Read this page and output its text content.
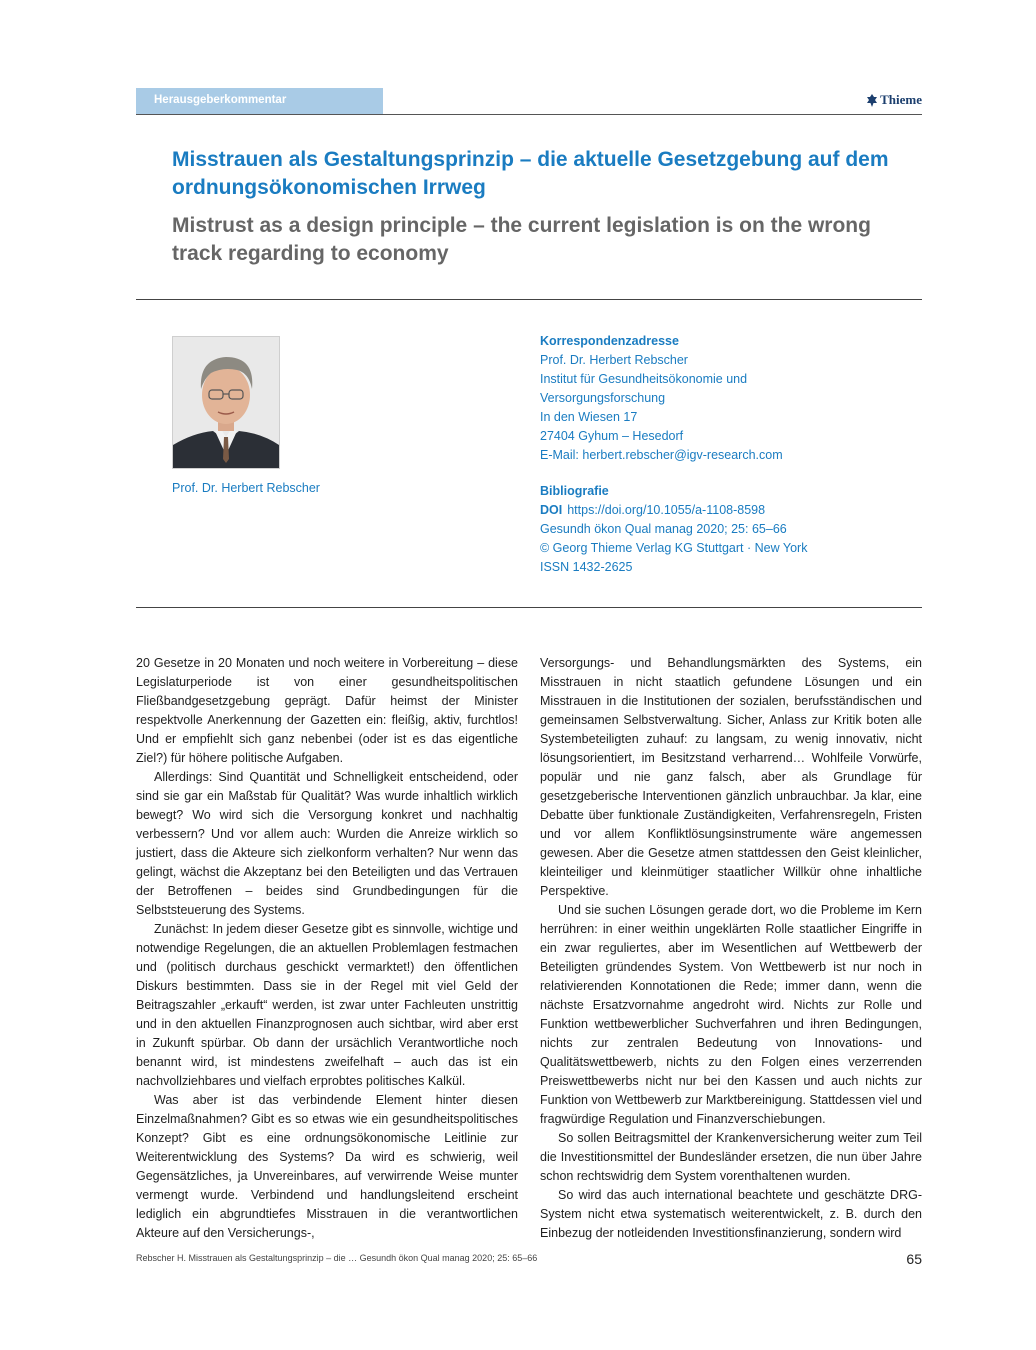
Herausgeberkommentar	Thieme
Misstrauen als Gestaltungsprinzip – die aktuelle Gesetzgebung auf dem ordnungsökonomischen Irrweg
Mistrust as a design principle – the current legislation is on the wrong track regarding to economy
Prof. Dr. Herbert Rebscher
Korrespondenzadresse
Prof. Dr. Herbert Rebscher
Institut für Gesundheitsökonomie und
Versorgungsforschung
In den Wiesen 17
27404 Gyhum – Hesedorf
E-Mail: herbert.rebscher@igv-research.com
Bibliografie
DOI https://doi.org/10.1055/a-1108-8598
Gesundh ökon Qual manag 2020; 25: 65–66
© Georg Thieme Verlag KG Stuttgart · New York
ISSN 1432-2625

20 Gesetze in 20 Monaten und noch weitere in Vorbereitung – diese Legislaturperiode ist von einer gesundheitspolitischen Fließbandgesetzgebung geprägt. Dafür heimst der Minister respektvolle Anerkennung der Gazetten ein: fleißig, aktiv, furchtlos! Und er empfiehlt sich ganz nebenbei (oder ist es das eigentliche Ziel?) für höhere politische Aufgaben.

Allerdings: Sind Quantität und Schnelligkeit entscheidend, oder sind sie gar ein Maßstab für Qualität? Was wurde inhaltlich wirklich bewegt? Wo wird sich die Versorgung konkret und nachhaltig verbessern? Und vor allem auch: Wurden die Anreize wirklich so justiert, dass die Akteure sich zielkonform verhalten? Nur wenn das gelingt, wächst die Akzeptanz bei den Beteiligten und das Vertrauen der Betroffenen – beides sind Grundbedingungen für die Selbststeuerung des Systems.

Zunächst: In jedem dieser Gesetze gibt es sinnvolle, wichtige und notwendige Regelungen, die an aktuellen Problemlagen festmachen und (politisch durchaus geschickt vermarktet!) den öffentlichen Diskurs bestimmten. Dass sie in der Regel mit viel Geld der Beitragszahler „erkauft“ werden, ist zwar unter Fachleuten unstrittig und in den aktuellen Finanzprognosen auch sichtbar, wird aber erst in Zukunft spürbar. Ob dann der ursächlich Verantwortliche noch benannt wird, ist mindestens zweifelhaft – auch das ist ein nachvollziehbares und vielfach erprobtes politisches Kalkül.

Was aber ist das verbindende Element hinter diesen Einzelmaßnahmen? Gibt es so etwas wie ein gesundheitspolitisches Konzept? Gibt es eine ordnungsökonomische Leitlinie zur Weiterentwicklung des Systems? Da wird es schwierig, weil Gegensätzliches, ja Unvereinbares, auf verwirrende Weise munter vermengt wurde. Verbindend und handlungsleitend erscheint lediglich ein abgrundtiefes Misstrauen in die verantwortlichen Akteure auf den Versicherungs-,

Versorgungs- und Behandlungsmärkten des Systems, ein Misstrauen in nicht staatlich gefundene Lösungen und ein Misstrauen in die Institutionen der sozialen, berufsständischen und gemeinsamen Selbstverwaltung. Sicher, Anlass zur Kritik boten alle Systembeteiligten zuhauf: zu langsam, zu wenig innovativ, nicht lösungsorientiert, im Besitzstand verharrend… Wohlfeile Vorwürfe, populär und nie ganz falsch, aber als Grundlage für gesetzgeberische Interventionen gänzlich unbrauchbar. Ja klar, eine Debatte über funktionale Zuständigkeiten, Verfahrensregeln, Fristen und vor allem Konfliktlösungsinstrumente wäre angemessen gewesen. Aber die Gesetze atmen stattdessen den Geist kleinlicher, kleinteiliger und kleinmütiger staatlicher Willkür ohne inhaltliche Perspektive.

Und sie suchen Lösungen gerade dort, wo die Probleme im Kern herrühren: in einer weithin ungeklärten Rolle staatlicher Eingriffe in ein zwar reguliertes, aber im Wesentlichen auf Wettbewerb der Beteiligten gründendes System. Von Wettbewerb ist nur noch in relativierenden Konnotationen die Rede; immer dann, wenn die nächste Ersatzvornahme angedroht wird. Nichts zur Rolle und Funktion wettbewerblicher Suchverfahren und ihren Bedingungen, nichts zur zentralen Bedeutung von Innovations- und Qualitätswettbewerb, nichts zu den Folgen eines verzerrenden Preiswettbewerbs nicht nur bei den Kassen und auch nichts zur Funktion von Wettbewerb zur Marktbereinigung. Stattdessen viel und fragwürdige Regulation und Finanzverschiebungen.

So sollen Beitragsmittel der Krankenversicherung weiter zum Teil die Investitionsmittel der Bundesländer ersetzen, die nun über Jahre schon rechtswidrig dem System vorenthaltenen wurden.

So wird das auch international beachtete und geschätzte DRG-System nicht etwa systematisch weiterentwickelt, z. B. durch den Einbezug der notleidenden Investitionsfinanzierung, sondern wird

Rebscher H. Misstrauen als Gestaltungsprinzip – die … Gesundh ökon Qual manag 2020; 25: 65–66	65
